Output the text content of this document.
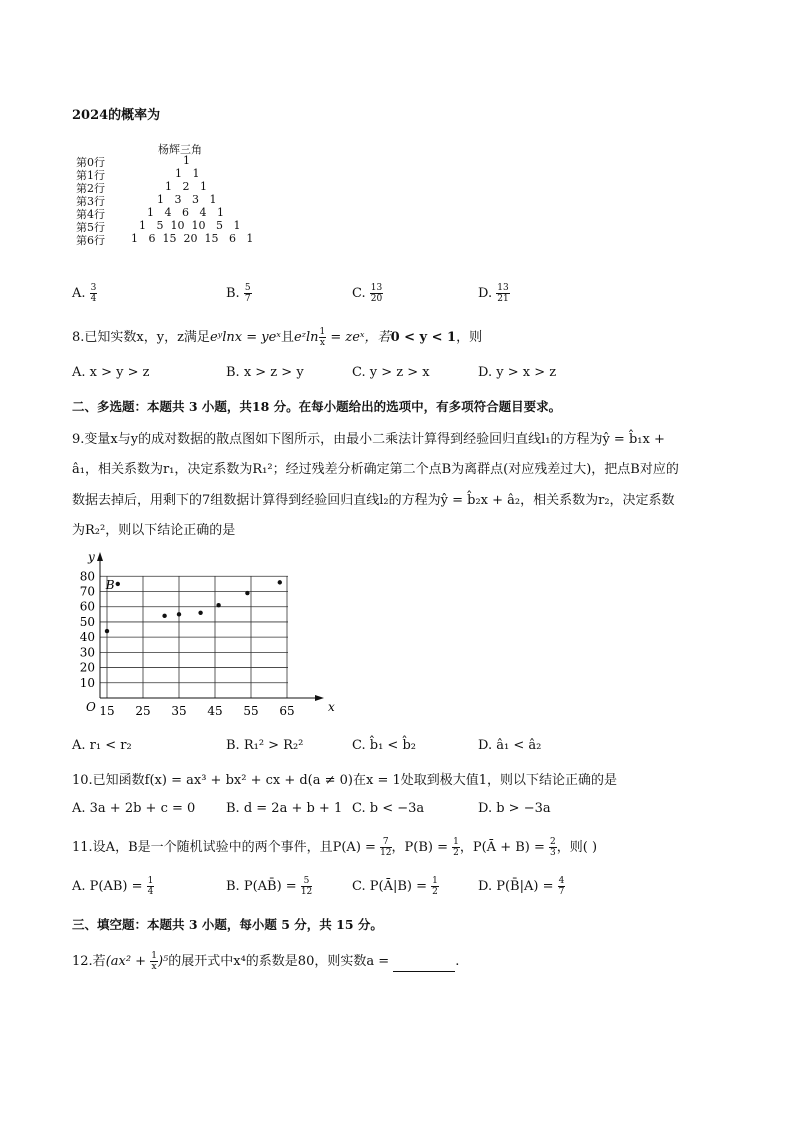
2024的概率为
杨辉三角
第0行	1
第1行	1   1
第2行	1   2   1
第3行	1   3   3   1
第4行	1   4   6   4   1
第5行	1   5  10  10   5   1
第6行 1   6  15  20  15   6   1
A. $\frac{3}{4}$	B. $\frac{5}{7}$	C. $\frac{13}{20}$	D. $\frac{13}{21}$
8.已知实数x，y，z满足eʸlnx = yeˣ且eᶻln $\frac{1}{x}$ = zeˣ，若0 < y < 1，则
A. x > y > z	B. x > z > y	C. y > z > x	D. y > x > z
二、多选题：本题共 3 小题，共18 分。在每小题给出的选项中，有多项符合题目要求。
9.变量x与y的成对数据的散点图如下图所示，由最小二乘法计算得到经验回归直线l₁的方程为ŷ = b̂₁x +
â₁，相关系数为r₁，决定系数为R₁²；经过残差分析确定第二个点B为离群点(对应残差过大)，把点B对应的
数据去掉后，用剩下的7组数据计算得到经验回归直线l₂的方程为ŷ = b̂₂x + â₂，相关系数为r₂，决定系数
为R₂²，则以下结论正确的是
15 25 35 45 55 65
10
20
30
40
50
60
70
80
x
y
O
B
A. r₁ < r₂	B. R₁² > R₂²	C. b̂₁ < b̂₂	D. â₁ < â₂
10.已知函数f(x) = ax³ + bx² + cx + d(a ≠ 0)在x = 1处取到极大值1，则以下结论正确的是
A. 3a + 2b + c = 0 B. d = 2a + b + 1 C. b < −3a	D. b > −3a
11.设A，B是一个随机试验中的两个事件，且$P(A) = \frac{7}{12}$ ，$P(B) = \frac{1}{2}$ ，P(Ā + $B) = \frac{2}{3}$ ，则( )
A. $P(AB) = \frac{1}{4}$	B. P(AB̄) = $\frac{5}{12}$	C. P(Ā|B) = $\frac{1}{2}$	D. P(B̄|A) = $\frac{4}{7}$
三、填空题：本题共 3 小题，每小题 5 分，共 15 分。
12.若$(ax^2 + \frac{1}{x} )^5$的展开式中x⁴的系数是80，则实数a =	.
